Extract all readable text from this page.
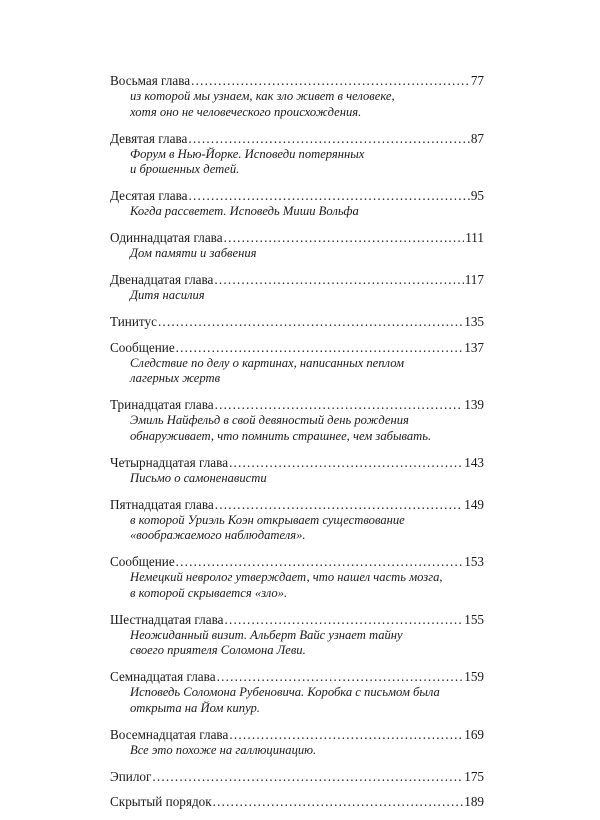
Восьмая глава .....	77
из которой мы узнаем, как зло живет в человеке,
хотя оно не человеческого происхождения.
Девятая глава .....	87
Форум в Нью-Йорке. Исповеди потерянных
и брошенных детей.
Десятая глава .....	95
Когда рассветет. Исповедь Миши Вольфа
Одиннадцатая глава .....	111
Дом памяти и забвения
Двенадцатая глава .....	117
Дитя насилия
Тинитус .....	135
Сообщение .....	137
Следствие по делу о картинах, написанных пеплом
лагерных жертв
Тринадцатая глава .....	139
Эмиль Найфельд в свой девяностый день рождения
обнаруживает, что помнить страшнее, чем забывать.
Четырнадцатая глава .....	143
Письмо о самоненависти
Пятнадцатая глава .....	149
в которой Уриэль Коэн открывает существование
«воображаемого наблюдателя».
Сообщение .....	153
Немецкий невролог утверждает, что нашел часть мозга,
в которой скрывается «зло».
Шестнадцатая глава .....	155
Неожиданный визит. Альберт Вайс узнает тайну
своего приятеля Соломона Леви.
Семнадцатая глава .....	159
Исповедь Соломона Рубеновича. Коробка с письмом была
открыта на Йом кипур.
Восемнадцатая глава .....	169
Все это похоже на галлюцинацию.
Эпилог .....	175
Скрытый порядок .....	189
